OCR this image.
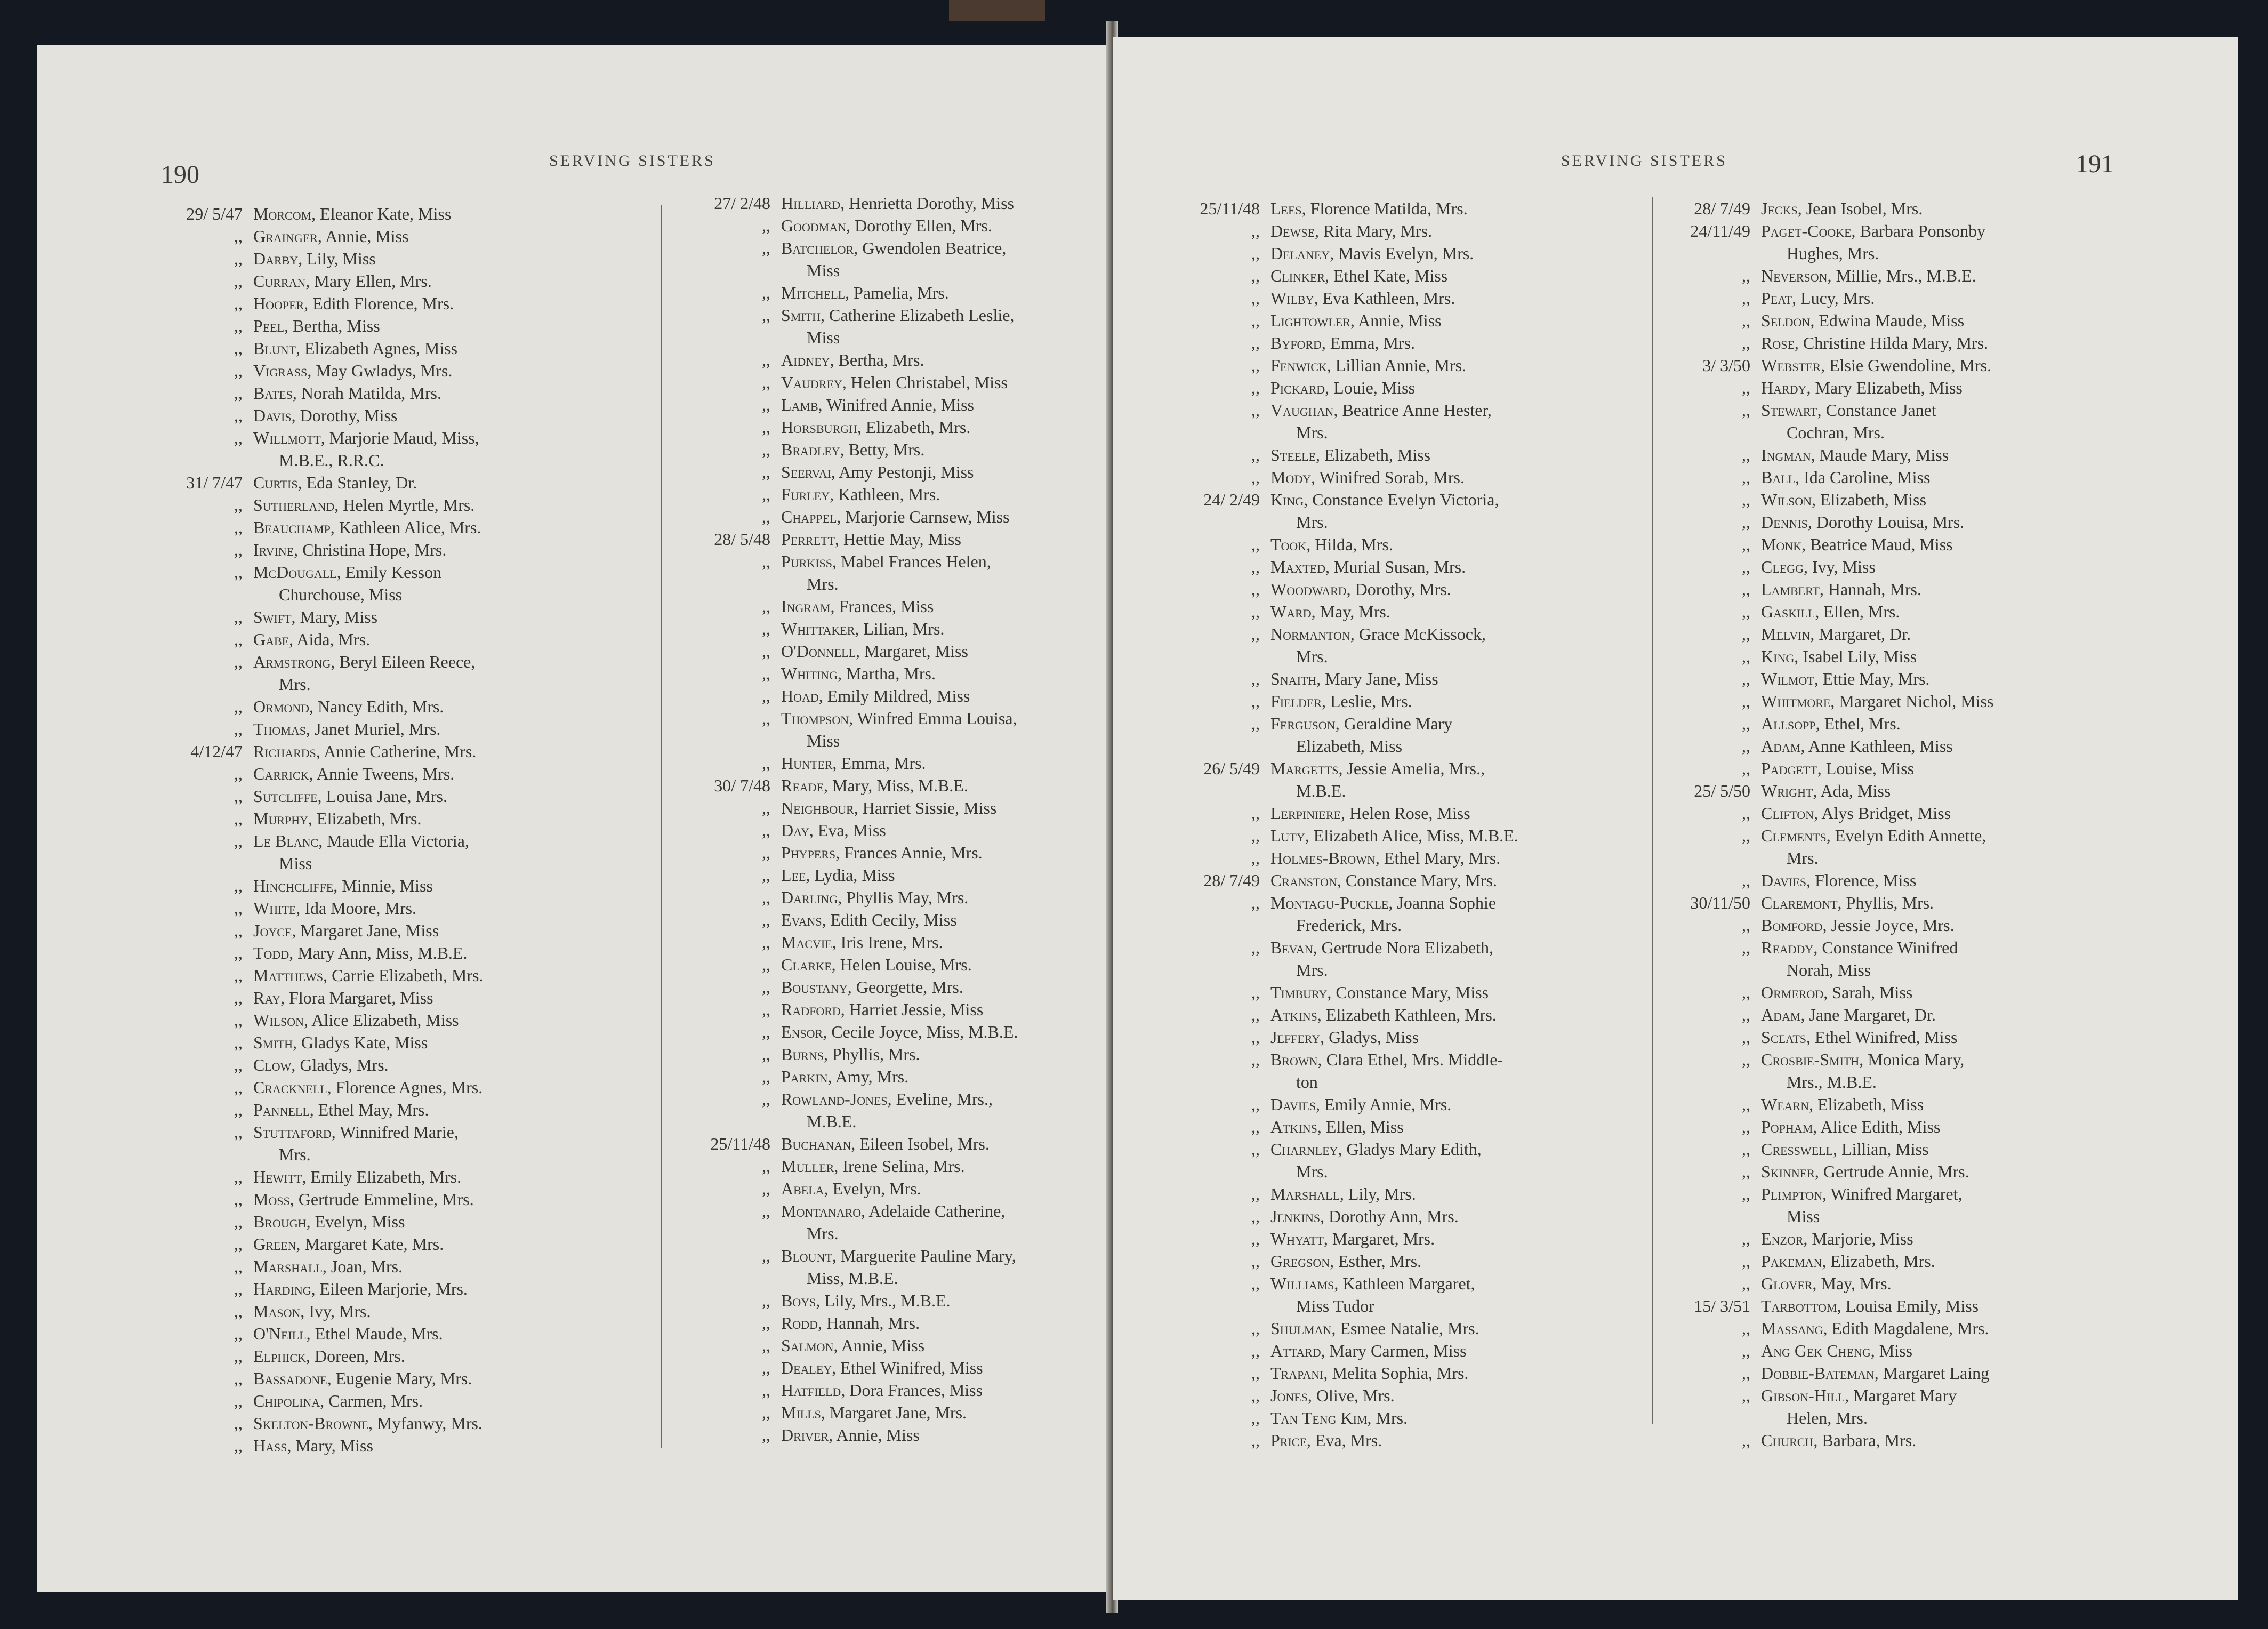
190	SERVING SISTERS
29/ 5/47 Morcom, Eleanor Kate, Miss
,, Grainger, Annie, Miss
,, Darby, Lily, Miss
,, Curran, Mary Ellen, Mrs.
,, Hooper, Edith Florence, Mrs.
,, Peel, Bertha, Miss
,, Blunt, Elizabeth Agnes, Miss
,, Vigrass, May Gwladys, Mrs.
,, Bates, Norah Matilda, Mrs.
,, Davis, Dorothy, Miss
,, Willmott, Marjorie Maud, Miss,
M.B.E., R.R.C.
31/ 7/47 Curtis, Eda Stanley, Dr.
,, Sutherland, Helen Myrtle, Mrs.
,, Beauchamp, Kathleen Alice, Mrs.
,, Irvine, Christina Hope, Mrs.
,, McDougall, Emily Kesson
Churchouse, Miss
,, Swift, Mary, Miss
,, Gabe, Aida, Mrs.
,, Armstrong, Beryl Eileen Reece,
Mrs.
,, Ormond, Nancy Edith, Mrs.
,, Thomas, Janet Muriel, Mrs.
4/12/47 Richards, Annie Catherine, Mrs.
,, Carrick, Annie Tweens, Mrs.
,, Sutcliffe, Louisa Jane, Mrs.
,, Murphy, Elizabeth, Mrs.
,, Le Blanc, Maude Ella Victoria,
Miss
,, Hinchcliffe, Minnie, Miss
,, White, Ida Moore, Mrs.
,, Joyce, Margaret Jane, Miss
,, Todd, Mary Ann, Miss, M.B.E.
,, Matthews, Carrie Elizabeth, Mrs.
,, Ray, Flora Margaret, Miss
,, Wilson, Alice Elizabeth, Miss
,, Smith, Gladys Kate, Miss
,, Clow, Gladys, Mrs.
,, Cracknell, Florence Agnes, Mrs.
,, Pannell, Ethel May, Mrs.
,, Stuttaford, Winnifred Marie,
Mrs.
,, Hewitt, Emily Elizabeth, Mrs.
,, Moss, Gertrude Emmeline, Mrs.
,, Brough, Evelyn, Miss
,, Green, Margaret Kate, Mrs.
,, Marshall, Joan, Mrs.
,, Harding, Eileen Marjorie, Mrs.
,, Mason, Ivy, Mrs.
,, O'Neill, Ethel Maude, Mrs.
,, Elphick, Doreen, Mrs.
,, Bassadone, Eugenie Mary, Mrs.
,, Chipolina, Carmen, Mrs.
,, Skelton-Browne, Myfanwy, Mrs.
,, Hass, Mary, Miss
27/ 2/48 Hilliard, Henrietta Dorothy, Miss
,, Goodman, Dorothy Ellen, Mrs.
,, Batchelor, Gwendolen Beatrice,
Miss
,, Mitchell, Pamelia, Mrs.
,, Smith, Catherine Elizabeth Leslie,
Miss
,, Aidney, Bertha, Mrs.
,, Vaudrey, Helen Christabel, Miss
,, Lamb, Winifred Annie, Miss
,, Horsburgh, Elizabeth, Mrs.
,, Bradley, Betty, Mrs.
,, Seervai, Amy Pestonji, Miss
,, Furley, Kathleen, Mrs.
,, Chappel, Marjorie Carnsew, Miss
28/ 5/48 Perrett, Hettie May, Miss
,, Purkiss, Mabel Frances Helen,
Mrs.
,, Ingram, Frances, Miss
,, Whittaker, Lilian, Mrs.
,, O'Donnell, Margaret, Miss
,, Whiting, Martha, Mrs.
,, Hoad, Emily Mildred, Miss
,, Thompson, Winfred Emma Louisa,
Miss
,, Hunter, Emma, Mrs.
30/ 7/48 Reade, Mary, Miss, M.B.E.
,, Neighbour, Harriet Sissie, Miss
,, Day, Eva, Miss
,, Phypers, Frances Annie, Mrs.
,, Lee, Lydia, Miss
,, Darling, Phyllis May, Mrs.
,, Evans, Edith Cecily, Miss
,, Macvie, Iris Irene, Mrs.
,, Clarke, Helen Louise, Mrs.
,, Boustany, Georgette, Mrs.
,, Radford, Harriet Jessie, Miss
,, Ensor, Cecile Joyce, Miss, M.B.E.
,, Burns, Phyllis, Mrs.
,, Parkin, Amy, Mrs.
,, Rowland-Jones, Eveline, Mrs.,
M.B.E.
25/11/48 Buchanan, Eileen Isobel, Mrs.
,, Muller, Irene Selina, Mrs.
,, Abela, Evelyn, Mrs.
,, Montanaro, Adelaide Catherine,
Mrs.
,, Blount, Marguerite Pauline Mary,
Miss, M.B.E.
,, Boys, Lily, Mrs., M.B.E.
,, Rodd, Hannah, Mrs.
,, Salmon, Annie, Miss
,, Dealey, Ethel Winifred, Miss
,, Hatfield, Dora Frances, Miss
,, Mills, Margaret Jane, Mrs.
,, Driver, Annie, Miss
191
SERVING SISTERS
25/11/48 Lees, Florence Matilda, Mrs.
,, Dewse, Rita Mary, Mrs.
,, Delaney, Mavis Evelyn, Mrs.
,, Clinker, Ethel Kate, Miss
,, Wilby, Eva Kathleen, Mrs.
,, Lightowler, Annie, Miss
,, Byford, Emma, Mrs.
,, Fenwick, Lillian Annie, Mrs.
,, Pickard, Louie, Miss
,, Vaughan, Beatrice Anne Hester,
Mrs.
,, Steele, Elizabeth, Miss
,, Mody, Winifred Sorab, Mrs.
24/ 2/49 King, Constance Evelyn Victoria,
Mrs.
,, Took, Hilda, Mrs.
,, Maxted, Murial Susan, Mrs.
,, Woodward, Dorothy, Mrs.
,, Ward, May, Mrs.
,, Normanton, Grace McKissock,
Mrs.
,, Snaith, Mary Jane, Miss
,, Fielder, Leslie, Mrs.
,, Ferguson, Geraldine Mary
Elizabeth, Miss
26/ 5/49 Margetts, Jessie Amelia, Mrs.,
M.B.E.
,, Lerpiniere, Helen Rose, Miss
,, Luty, Elizabeth Alice, Miss, M.B.E.
,, Holmes-Brown, Ethel Mary, Mrs.
28/ 7/49 Cranston, Constance Mary, Mrs.
,, Montagu-Puckle, Joanna Sophie
Frederick, Mrs.
,, Bevan, Gertrude Nora Elizabeth,
Mrs.
,, Timbury, Constance Mary, Miss
,, Atkins, Elizabeth Kathleen, Mrs.
,, Jeffery, Gladys, Miss
,, Brown, Clara Ethel, Mrs. Middle-
ton
,, Davies, Emily Annie, Mrs.
,, Atkins, Ellen, Miss
,, Charnley, Gladys Mary Edith,
Mrs.
,, Marshall, Lily, Mrs.
,, Jenkins, Dorothy Ann, Mrs.
,, Whyatt, Margaret, Mrs.
,, Gregson, Esther, Mrs.
,, Williams, Kathleen Margaret,
Miss Tudor
,, Shulman, Esmee Natalie, Mrs.
,, Attard, Mary Carmen, Miss
,, Trapani, Melita Sophia, Mrs.
,, Jones, Olive, Mrs.
,, Tan Teng Kim, Mrs.
,, Price, Eva, Mrs.
28/ 7/49 Jecks, Jean Isobel, Mrs.
24/11/49 Paget-Cooke, Barbara Ponsonby
Hughes, Mrs.
,, Neverson, Millie, Mrs., M.B.E.
,, Peat, Lucy, Mrs.
,, Seldon, Edwina Maude, Miss
,, Rose, Christine Hilda Mary, Mrs.
3/ 3/50 Webster, Elsie Gwendoline, Mrs.
,, Hardy, Mary Elizabeth, Miss
,, Stewart, Constance Janet
Cochran, Mrs.
,, Ingman, Maude Mary, Miss
,, Ball, Ida Caroline, Miss
,, Wilson, Elizabeth, Miss
,, Dennis, Dorothy Louisa, Mrs.
,, Monk, Beatrice Maud, Miss
,, Clegg, Ivy, Miss
,, Lambert, Hannah, Mrs.
,, Gaskill, Ellen, Mrs.
,, Melvin, Margaret, Dr.
,, King, Isabel Lily, Miss
,, Wilmot, Ettie May, Mrs.
,, Whitmore, Margaret Nichol, Miss
,, Allsopp, Ethel, Mrs.
,, Adam, Anne Kathleen, Miss
,, Padgett, Louise, Miss
25/ 5/50 Wright, Ada, Miss
,, Clifton, Alys Bridget, Miss
,, Clements, Evelyn Edith Annette,
Mrs.
,, Davies, Florence, Miss
30/11/50 Claremont, Phyllis, Mrs.
,, Bomford, Jessie Joyce, Mrs.
,, Readdy, Constance Winifred
Norah, Miss
,, Ormerod, Sarah, Miss
,, Adam, Jane Margaret, Dr.
,, Sceats, Ethel Winifred, Miss
,, Crosbie-Smith, Monica Mary,
Mrs., M.B.E.
,, Wearn, Elizabeth, Miss
,, Popham, Alice Edith, Miss
,, Cresswell, Lillian, Miss
,, Skinner, Gertrude Annie, Mrs.
,, Plimpton, Winifred Margaret,
Miss
,, Enzor, Marjorie, Miss
,, Pakeman, Elizabeth, Mrs.
,, Glover, May, Mrs.
15/ 3/51 Tarbottom, Louisa Emily, Miss
,, Massang, Edith Magdalene, Mrs.
,, Ang Gek Cheng, Miss
,, Dobbie-Bateman, Margaret Laing
,, Gibson-Hill, Margaret Mary
Helen, Mrs.
,, Church, Barbara, Mrs.
